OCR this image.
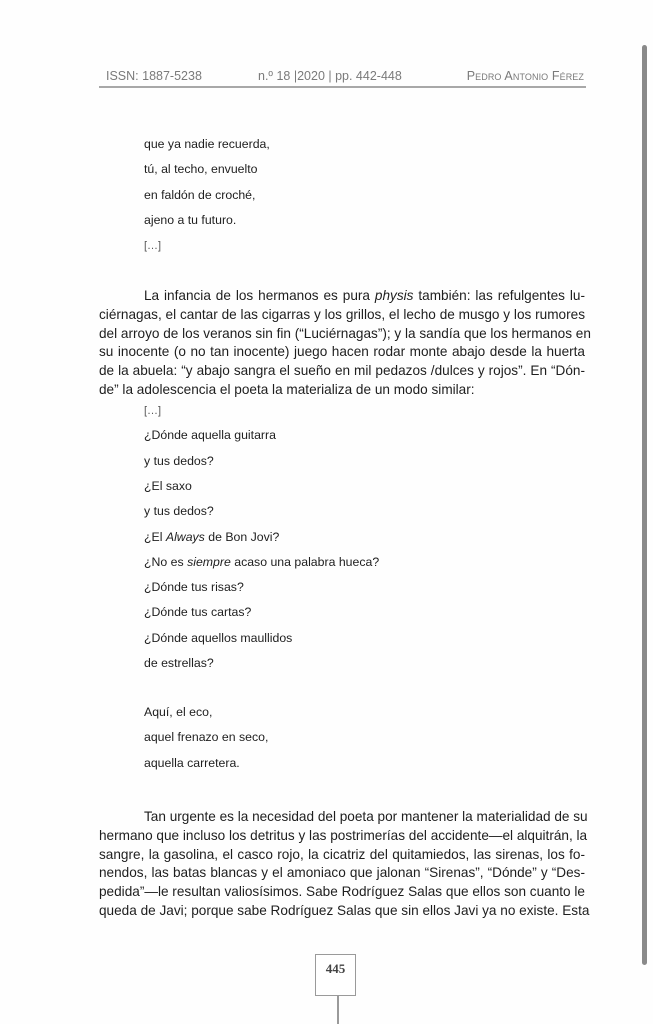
ISSN: 1887-5238	n.º 18 |2020 | pp. 442-448	Pedro Antonio Férez
que ya nadie recuerda,
tú, al techo, envuelto
en faldón de croché,
ajeno a tu futuro.
[…]
La infancia de los hermanos es pura physis también: las refulgentes lu-
ciérnagas, el cantar de las cigarras y los grillos, el lecho de musgo y los rumores
del arroyo de los veranos sin fin (“Luciérnagas”); y la sandía que los hermanos en
su inocente (o no tan inocente) juego hacen rodar monte abajo desde la huerta
de la abuela: “y abajo sangra el sueño en mil pedazos /dulces y rojos”. En “Dón-
de” la adolescencia el poeta la materializa de un modo similar:
[…]
¿Dónde aquella guitarra
y tus dedos?
¿El saxo
y tus dedos?
¿El Always de Bon Jovi?
¿No es siempre acaso una palabra hueca?
¿Dónde tus risas?
¿Dónde tus cartas?
¿Dónde aquellos maullidos
de estrellas?
Aquí, el eco,
aquel frenazo en seco,
aquella carretera.
Tan urgente es la necesidad del poeta por mantener la materialidad de su
hermano que incluso los detritus y las postrimerías del accidente—el alquitrán, la
sangre, la gasolina, el casco rojo, la cicatriz del quitamiedos, las sirenas, los fo-
nendos, las batas blancas y el amoniaco que jalonan “Sirenas”, “Dónde” y “Des-
pedida”—le resultan valiosísimos. Sabe Rodríguez Salas que ellos son cuanto le
queda de Javi; porque sabe Rodríguez Salas que sin ellos Javi ya no existe. Esta
445
